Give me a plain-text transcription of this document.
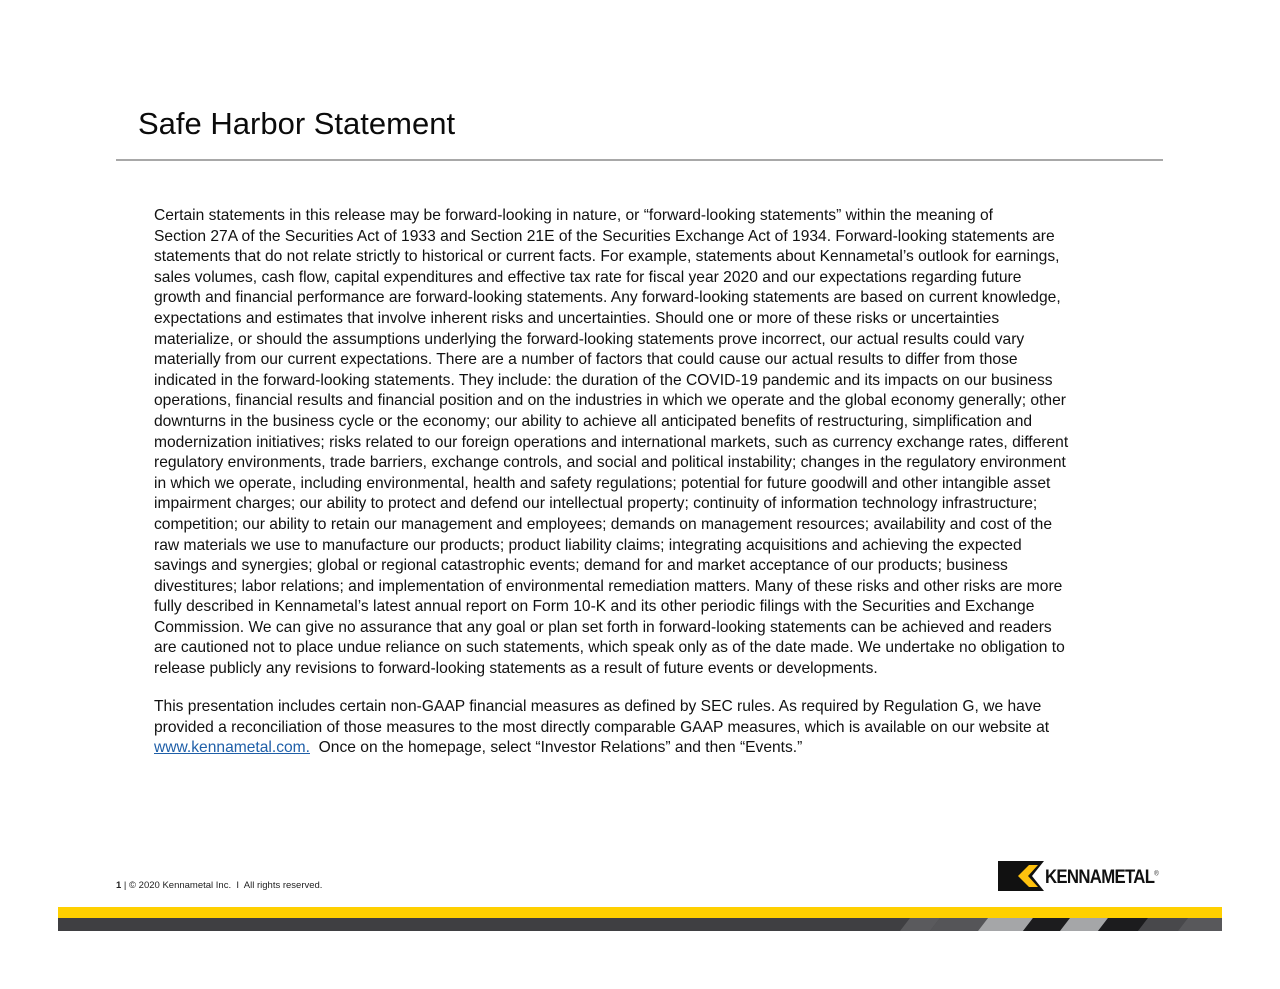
Safe Harbor Statement
Certain statements in this release may be forward-looking in nature, or “forward-looking statements” within the meaning of
Section 27A of the Securities Act of 1933 and Section 21E of the Securities Exchange Act of 1934. Forward-looking statements are
statements that do not relate strictly to historical or current facts. For example, statements about Kennametal’s outlook for earnings,
sales volumes, cash flow, capital expenditures and effective tax rate for fiscal year 2020 and our expectations regarding future
growth and financial performance are forward-looking statements. Any forward-looking statements are based on current knowledge,
expectations and estimates that involve inherent risks and uncertainties. Should one or more of these risks or uncertainties
materialize, or should the assumptions underlying the forward-looking statements prove incorrect, our actual results could vary
materially from our current expectations. There are a number of factors that could cause our actual results to differ from those
indicated in the forward-looking statements. They include: the duration of the COVID-19 pandemic and its impacts on our business
operations, financial results and financial position and on the industries in which we operate and the global economy generally; other
downturns in the business cycle or the economy; our ability to achieve all anticipated benefits of restructuring, simplification and
modernization initiatives; risks related to our foreign operations and international markets, such as currency exchange rates, different
regulatory environments, trade barriers, exchange controls, and social and political instability; changes in the regulatory environment
in which we operate, including environmental, health and safety regulations; potential for future goodwill and other intangible asset
impairment charges; our ability to protect and defend our intellectual property; continuity of information technology infrastructure;
competition; our ability to retain our management and employees; demands on management resources; availability and cost of the
raw materials we use to manufacture our products; product liability claims; integrating acquisitions and achieving the expected
savings and synergies; global or regional catastrophic events; demand for and market acceptance of our products; business
divestitures; labor relations; and implementation of environmental remediation matters. Many of these risks and other risks are more
fully described in Kennametal’s latest annual report on Form 10-K and its other periodic filings with the Securities and Exchange
Commission. We can give no assurance that any goal or plan set forth in forward-looking statements can be achieved and readers
are cautioned not to place undue reliance on such statements, which speak only as of the date made. We undertake no obligation to
release publicly any revisions to forward-looking statements as a result of future events or developments.
This presentation includes certain non-GAAP financial measures as defined by SEC rules. As required by Regulation G, we have
provided a reconciliation of those measures to the most directly comparable GAAP measures, which is available on our website at
www.kennametal.com.  Once on the homepage, select “Investor Relations” and then “Events.”
1 | © 2020 Kennametal Inc.  I  All rights reserved.	KENNAMETAL®
